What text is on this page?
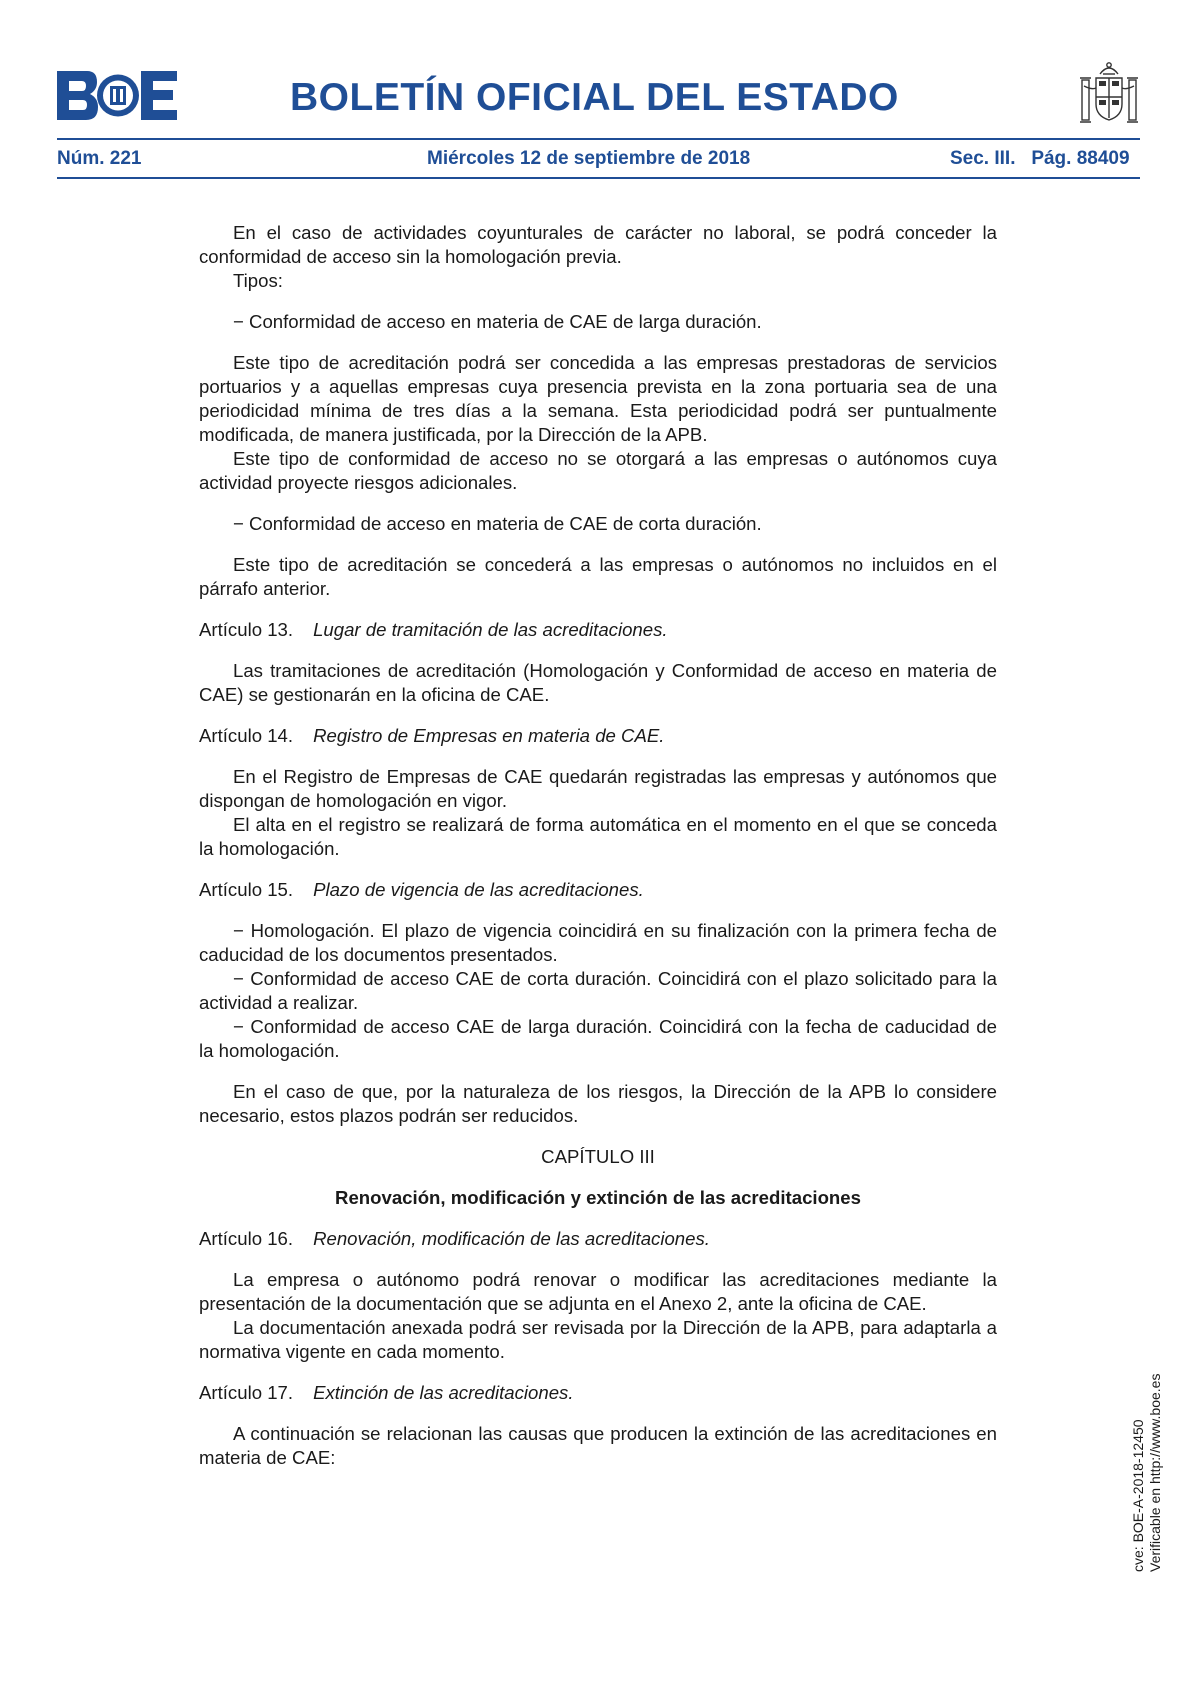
BOLETÍN OFICIAL DEL ESTADO
Núm. 221	Miércoles 12 de septiembre de 2018	Sec. III.   Pág. 88409

En el caso de actividades coyunturales de carácter no laboral, se podrá conceder la conformidad de acceso sin la homologación previa.

Tipos:

− Conformidad de acceso en materia de CAE de larga duración.

Este tipo de acreditación podrá ser concedida a las empresas prestadoras de servicios portuarios y a aquellas empresas cuya presencia prevista en la zona portuaria sea de una periodicidad mínima de tres días a la semana. Esta periodicidad podrá ser puntualmente modificada, de manera justificada, por la Dirección de la APB.

Este tipo de conformidad de acceso no se otorgará a las empresas o autónomos cuya actividad proyecte riesgos adicionales.

− Conformidad de acceso en materia de CAE de corta duración.

Este tipo de acreditación se concederá a las empresas o autónomos no incluidos en el párrafo anterior.

Artículo 13. Lugar de tramitación de las acreditaciones.

Las tramitaciones de acreditación (Homologación y Conformidad de acceso en materia de CAE) se gestionarán en la oficina de CAE.

Artículo 14. Registro de Empresas en materia de CAE.

En el Registro de Empresas de CAE quedarán registradas las empresas y autónomos que dispongan de homologación en vigor.

El alta en el registro se realizará de forma automática en el momento en el que se conceda la homologación.

Artículo 15. Plazo de vigencia de las acreditaciones.

− Homologación. El plazo de vigencia coincidirá en su finalización con la primera fecha de caducidad de los documentos presentados.

− Conformidad de acceso CAE de corta duración. Coincidirá con el plazo solicitado para la actividad a realizar.

− Conformidad de acceso CAE de larga duración. Coincidirá con la fecha de caducidad de la homologación.

En el caso de que, por la naturaleza de los riesgos, la Dirección de la APB lo considere necesario, estos plazos podrán ser reducidos.

CAPÍTULO III

Renovación, modificación y extinción de las acreditaciones

Artículo 16. Renovación, modificación de las acreditaciones.

La empresa o autónomo podrá renovar o modificar las acreditaciones mediante la presentación de la documentación que se adjunta en el Anexo 2, ante la oficina de CAE.

La documentación anexada podrá ser revisada por la Dirección de la APB, para adaptarla a normativa vigente en cada momento.

Artículo 17. Extinción de las acreditaciones.

A continuación se relacionan las causas que producen la extinción de las acreditaciones en materia de CAE:	cve: BOE-A-2018-12450 Verificable en http://www.boe.es
